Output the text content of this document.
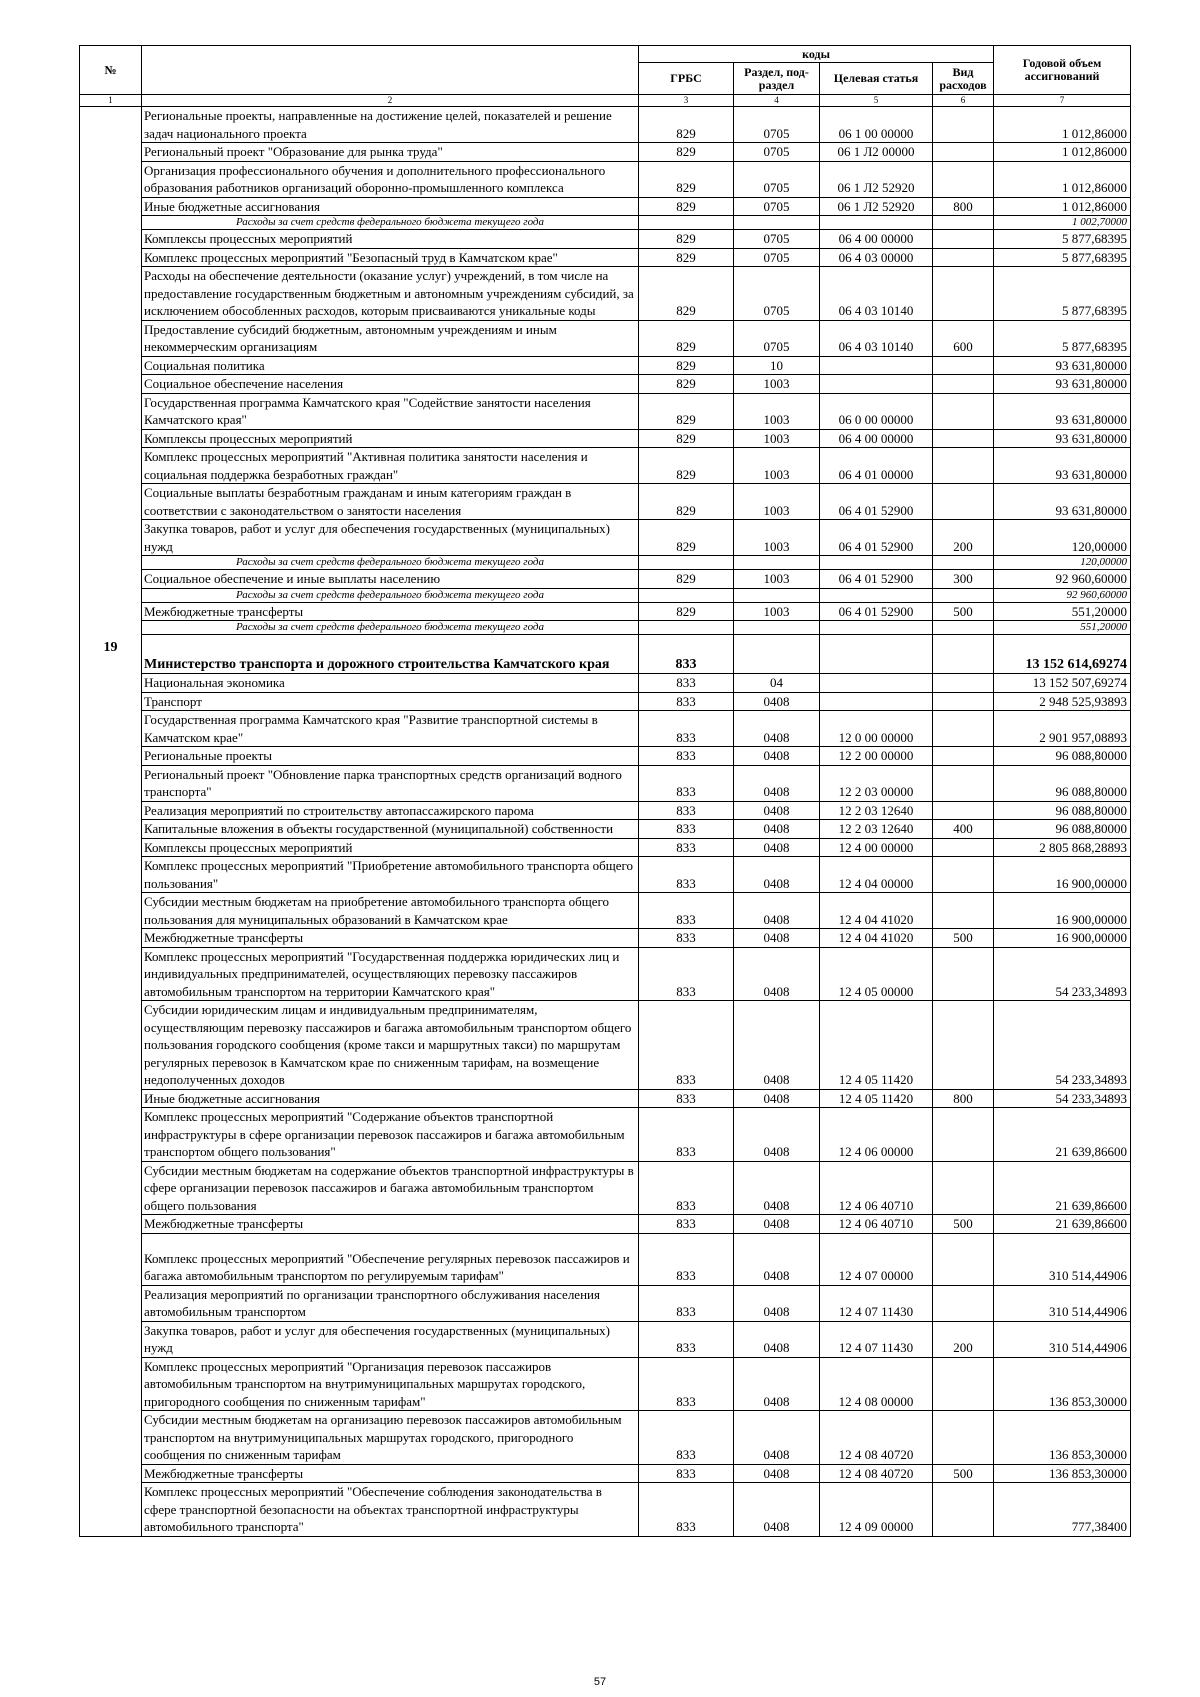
№		коды				Годовой объем ассигнований
		ГРБС	Раздел, под-раздел	Целевая статья	Вид расходов	
1	2	3	4	5	6	7
	Региональные проекты, направленные на достижение целей, показателей и решение задач национального проекта	829	0705	06 1 00 00000		1 012,86000
	Региональный проект "Образование для рынка труда"	829	0705	06 1 Л2 00000		1 012,86000
	Организация профессионального обучения и дополнительного профессионального образования работников организаций оборонно-промышленного комплекса	829	0705	06 1 Л2 52920		1 012,86000
	Иные бюджетные ассигнования	829	0705	06 1 Л2 52920	800	1 012,86000
	Расходы за счет средств федерального бюджета текущего года					1 002,70000
	Комплексы процессных мероприятий	829	0705	06 4 00 00000		5 877,68395
	Комплекс процессных мероприятий "Безопасный труд в Камчатском крае"	829	0705	06 4 03 00000		5 877,68395
	Расходы на обеспечение деятельности (оказание услуг) учреждений, в том числе на предоставление государственным бюджетным и автономным учреждениям субсидий, за исключением обособленных расходов, которым присваиваются уникальные коды	829	0705	06 4 03 10140		5 877,68395
	Предоставление субсидий бюджетным, автономным учреждениям и иным некоммерческим организациям	829	0705	06 4 03 10140	600	5 877,68395
	Социальная политика	829	10			93 631,80000
	Социальное обеспечение населения	829	1003			93 631,80000
	Государственная программа Камчатского края "Содействие занятости населения Камчатского края"	829	1003	06 0 00 00000		93 631,80000
	Комплексы процессных мероприятий	829	1003	06 4 00 00000		93 631,80000
	Комплекс процессных мероприятий "Активная политика занятости населения и социальная поддержка безработных граждан"	829	1003	06 4 01 00000		93 631,80000
	Социальные выплаты безработным гражданам и иным категориям граждан в соответствии с законодательством о занятости населения	829	1003	06 4 01 52900		93 631,80000
	Закупка товаров, работ и услуг для обеспечения государственных (муниципальных) нужд	829	1003	06 4 01 52900	200	120,00000
	Расходы за счет средств федерального бюджета текущего года					120,00000
	Социальное обеспечение и иные выплаты населению	829	1003	06 4 01 52900	300	92 960,60000
	Расходы за счет средств федерального бюджета текущего года					92 960,60000
	Межбюджетные трансферты	829	1003	06 4 01 52900	500	551,20000
	Расходы за счет средств федерального бюджета текущего года					551,20000
19	Министерство транспорта и дорожного строительства Камчатского края	833				13 152 614,69274
	Национальная экономика	833	04			13 152 507,69274
	Транспорт	833	0408			2 948 525,93893
	Государственная программа Камчатского края "Развитие транспортной системы в Камчатском крае"	833	0408	12 0 00 00000		2 901 957,08893
	Региональные проекты	833	0408	12 2 00 00000		96 088,80000
	Региональный проект "Обновление парка транспортных средств организаций водного транспорта"	833	0408	12 2 03 00000		96 088,80000
	Реализация мероприятий по строительству автопассажирского парома	833	0408	12 2 03 12640		96 088,80000
	Капитальные вложения в объекты государственной (муниципальной) собственности	833	0408	12 2 03 12640	400	96 088,80000
	Комплексы процессных мероприятий	833	0408	12 4 00 00000		2 805 868,28893
	Комплекс процессных мероприятий "Приобретение автомобильного транспорта общего пользования"	833	0408	12 4 04 00000		16 900,00000
	Субсидии местным бюджетам на приобретение автомобильного транспорта общего пользования для муниципальных образований в Камчатском крае	833	0408	12 4 04 41020		16 900,00000
	Межбюджетные трансферты	833	0408	12 4 04 41020	500	16 900,00000
	Комплекс процессных мероприятий "Государственная поддержка юридических лиц и индивидуальных предпринимателей, осуществляющих перевозку пассажиров автомобильным транспортом на территории Камчатского края"	833	0408	12 4 05 00000		54 233,34893
	Субсидии юридическим лицам и индивидуальным предпринимателям, осуществляющим перевозку пассажиров и багажа автомобильным транспортом общего пользования городского сообщения (кроме такси и маршрутных такси) по маршрутам регулярных перевозок в Камчатском крае по сниженным тарифам, на возмещение недополученных доходов	833	0408	12 4 05 11420		54 233,34893
	Иные бюджетные ассигнования	833	0408	12 4 05 11420	800	54 233,34893
	Комплекс процессных мероприятий "Содержание объектов транспортной инфраструктуры в сфере организации перевозок пассажиров и багажа автомобильным транспортом общего пользования"	833	0408	12 4 06 00000		21 639,86600
	Субсидии местным бюджетам на содержание объектов транспортной инфраструктуры в сфере организации перевозок пассажиров и багажа автомобильным транспортом общего пользования	833	0408	12 4 06 40710		21 639,86600
	Межбюджетные трансферты	833	0408	12 4 06 40710	500	21 639,86600
	Комплекс процессных мероприятий "Обеспечение регулярных перевозок пассажиров и багажа автомобильным транспортом по регулируемым тарифам"	833	0408	12 4 07 00000		310 514,44906
	Реализация мероприятий по организации транспортного обслуживания населения автомобильным транспортом	833	0408	12 4 07 11430		310 514,44906
	Закупка товаров, работ и услуг для обеспечения государственных (муниципальных) нужд	833	0408	12 4 07 11430	200	310 514,44906
	Комплекс процессных мероприятий "Организация перевозок пассажиров автомобильным транспортом на внутримуниципальных маршрутах городского, пригородного сообщения по сниженным тарифам"	833	0408	12 4 08 00000		136 853,30000
	Субсидии местным бюджетам на организацию перевозок пассажиров автомобильным транспортом на внутримуниципальных маршрутах городского, пригородного сообщения по сниженным тарифам	833	0408	12 4 08 40720		136 853,30000
	Межбюджетные трансферты	833	0408	12 4 08 40720	500	136 853,30000
	Комплекс процессных мероприятий "Обеспечение соблюдения законодательства в сфере транспортной безопасности на объектах транспортной инфраструктуры автомобильного транспорта"	833	0408	12 4 09 00000		777,38400
57
